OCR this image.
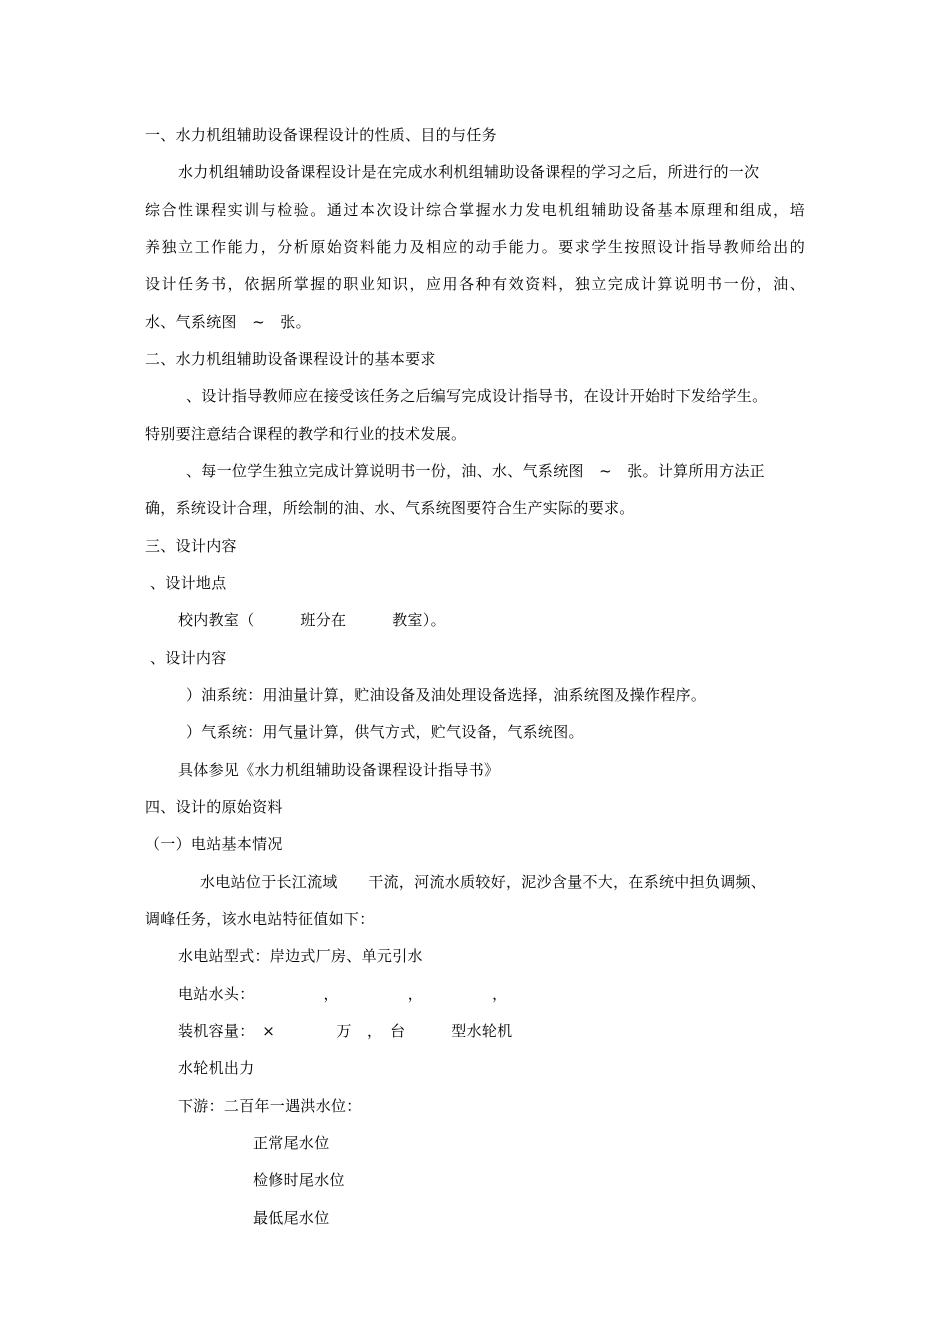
一、水力机组辅助设备课程设计的性质、目的与任务
水力机组辅助设备课程设计是在完成水利机组辅助设备课程的学习之后，所进行的一次
综合性课程实训与检验。通过本次设计综合掌握水力发电机组辅助设备基本原理和组成，培
养独立工作能力，分析原始资料能力及相应的动手能力。要求学生按照设计指导教师给出的
设计任务书，依据所掌握的职业知识，应用各种有效资料，独立完成计算说明书一份，油、
水、气系统图　~　张。
二、水力机组辅助设备课程设计的基本要求
、设计指导教师应在接受该任务之后编写完成设计指导书，在设计开始时下发给学生。
特别要注意结合课程的教学和行业的技术发展。
、每一位学生独立完成计算说明书一份，油、水、气系统图　~　张。计算所用方法正
确，系统设计合理，所绘制的油、水、气系统图要符合生产实际的要求。
三、设计内容
、设计地点
校内教室（　　　班分在　　　教室）。
、设计内容
）油系统：用油量计算，贮油设备及油处理设备选择，油系统图及操作程序。
）气系统：用气量计算，供气方式，贮气设备，气系统图。
具体参见《水力机组辅助设备课程设计指导书》
四、设计的原始资料
（一）电站基本情况
水电站位于长江流域　　干流，河流水质较好，泥沙含量不大，在系统中担负调频、
调峰任务，该水电站特征值如下：
水电站型式：岸边式厂房、单元引水
电站水头：　　　　　，　　　　　，　　　　　，
装机容量：　×　　　　万　，　台　　　型水轮机
水轮机出力
下游：二百年一遇洪水位：
正常尾水位
检修时尾水位
最低尾水位
